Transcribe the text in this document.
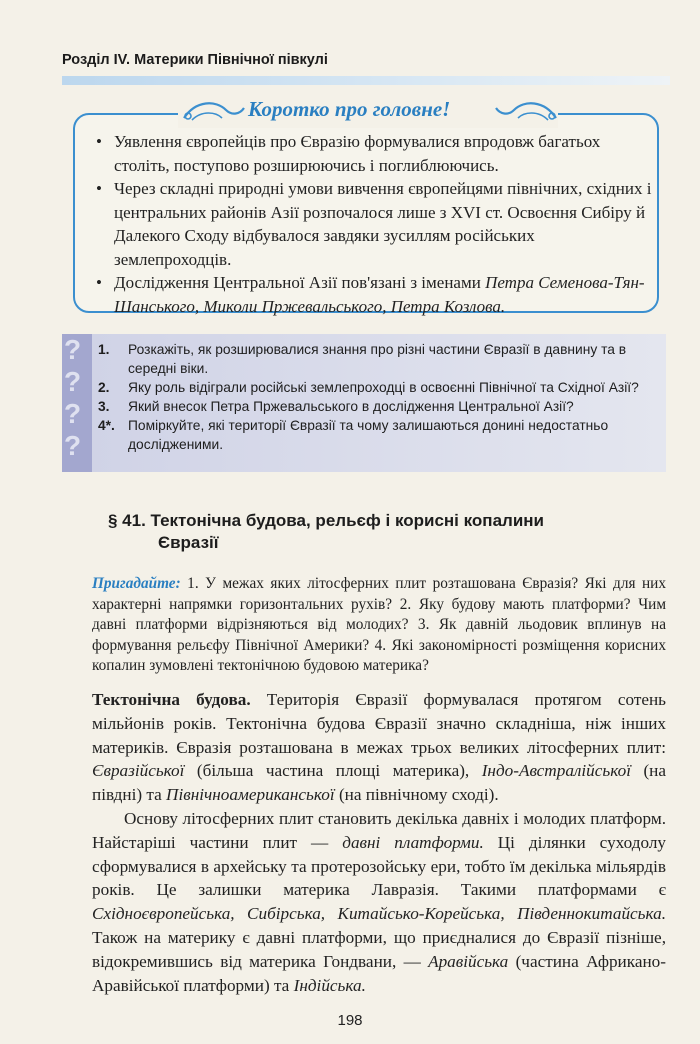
Розділ IV. Материки Північної півкулі
Коротко про головне!
• Уявлення європейців про Євразію формувалися впродовж багатьох століть, поступово розширюючись і поглиблюючись.
• Через складні природні умови вивчення європейцями північних, східних і центральних районів Азії розпочалося лише з XVI ст. Освоєння Сибіру й Далекого Сходу відбувалося завдяки зусиллям російських землепроходців.
• Дослідження Центральної Азії пов'язані з іменами Петра Семенова-Тян-Шанського, Миколи Пржевальського, Петра Козлова.
?
?
?
?
1. Розкажіть, як розширювалися знання про різні частини Євразії в давнину та в середні віки.
2. Яку роль відіграли російські землепроходці в освоєнні Північної та Східної Азії?
3. Який внесок Петра Пржевальського в дослідження Центральної Азії?
4*. Поміркуйте, які території Євразії та чому залишаються донині недостатньо дослідженими.
§ 41. Тектонічна будова, рельєф і корисні копалини
Євразії
Пригадайте: 1. У межах яких літосферних плит розташована Євразія? Які для них характерні напрямки горизонтальних рухів? 2. Яку будову мають платформи? Чим давні платформи відрізняються від молодих? 3. Як давній льодовик вплинув на формування рельєфу Північної Америки? 4. Які закономірності розміщення корисних копалин зумовлені тектонічною будовою материка?

Тектонічна будова. Територія Євразії формувалася протягом сотень мільйонів років. Тектонічна будова Євразії значно складніша, ніж інших материків. Євразія розташована в межах трьох великих літосферних плит: Євразійської (більша частина площі материка), Індо-Австралійської (на півдні) та Північноамериканської (на північному сході).

Основу літосферних плит становить декілька давніх і молодих платформ. Найстаріші частини плит — давні платформи. Ці ділянки суходолу сформувалися в архейську та протерозойську ери, тобто їм декілька мільярдів років. Це залишки материка Лавразія. Такими платформами є Східноєвропейська, Сибірська, Китайсько-Корейська, Південнокитайська. Також на материку є давні платформи, що приєдналися до Євразії пізніше, відокремившись від материка Гондвани, — Аравійська (частина Африкано-Аравійської платформи) та Індійська.

198
